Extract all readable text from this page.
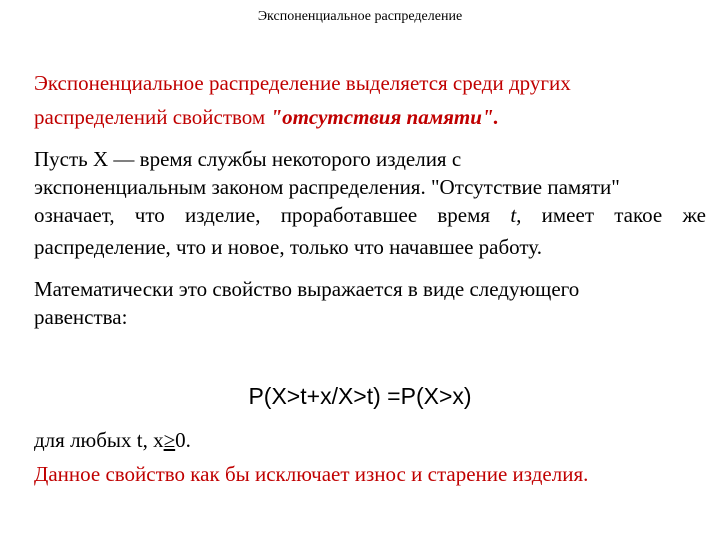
Экспоненциальное распределение
Экспоненциальное распределение выделяется среди других
распределений свойством "отсутствия памяти".
Пусть X — время службы некоторого изделия с
экспоненциальным законом распределения. "Отсутствие памяти"
означает, что изделие, проработавшее время t, имеет такое же
распределение, что и новое, только что начавшее работу.
Математически это свойство выражается в виде следующего
равенства:
P(X>t+x/X>t) =P(X>x)
для любых t, x≥0.
Данное свойство как бы исключает износ и старение изделия.
